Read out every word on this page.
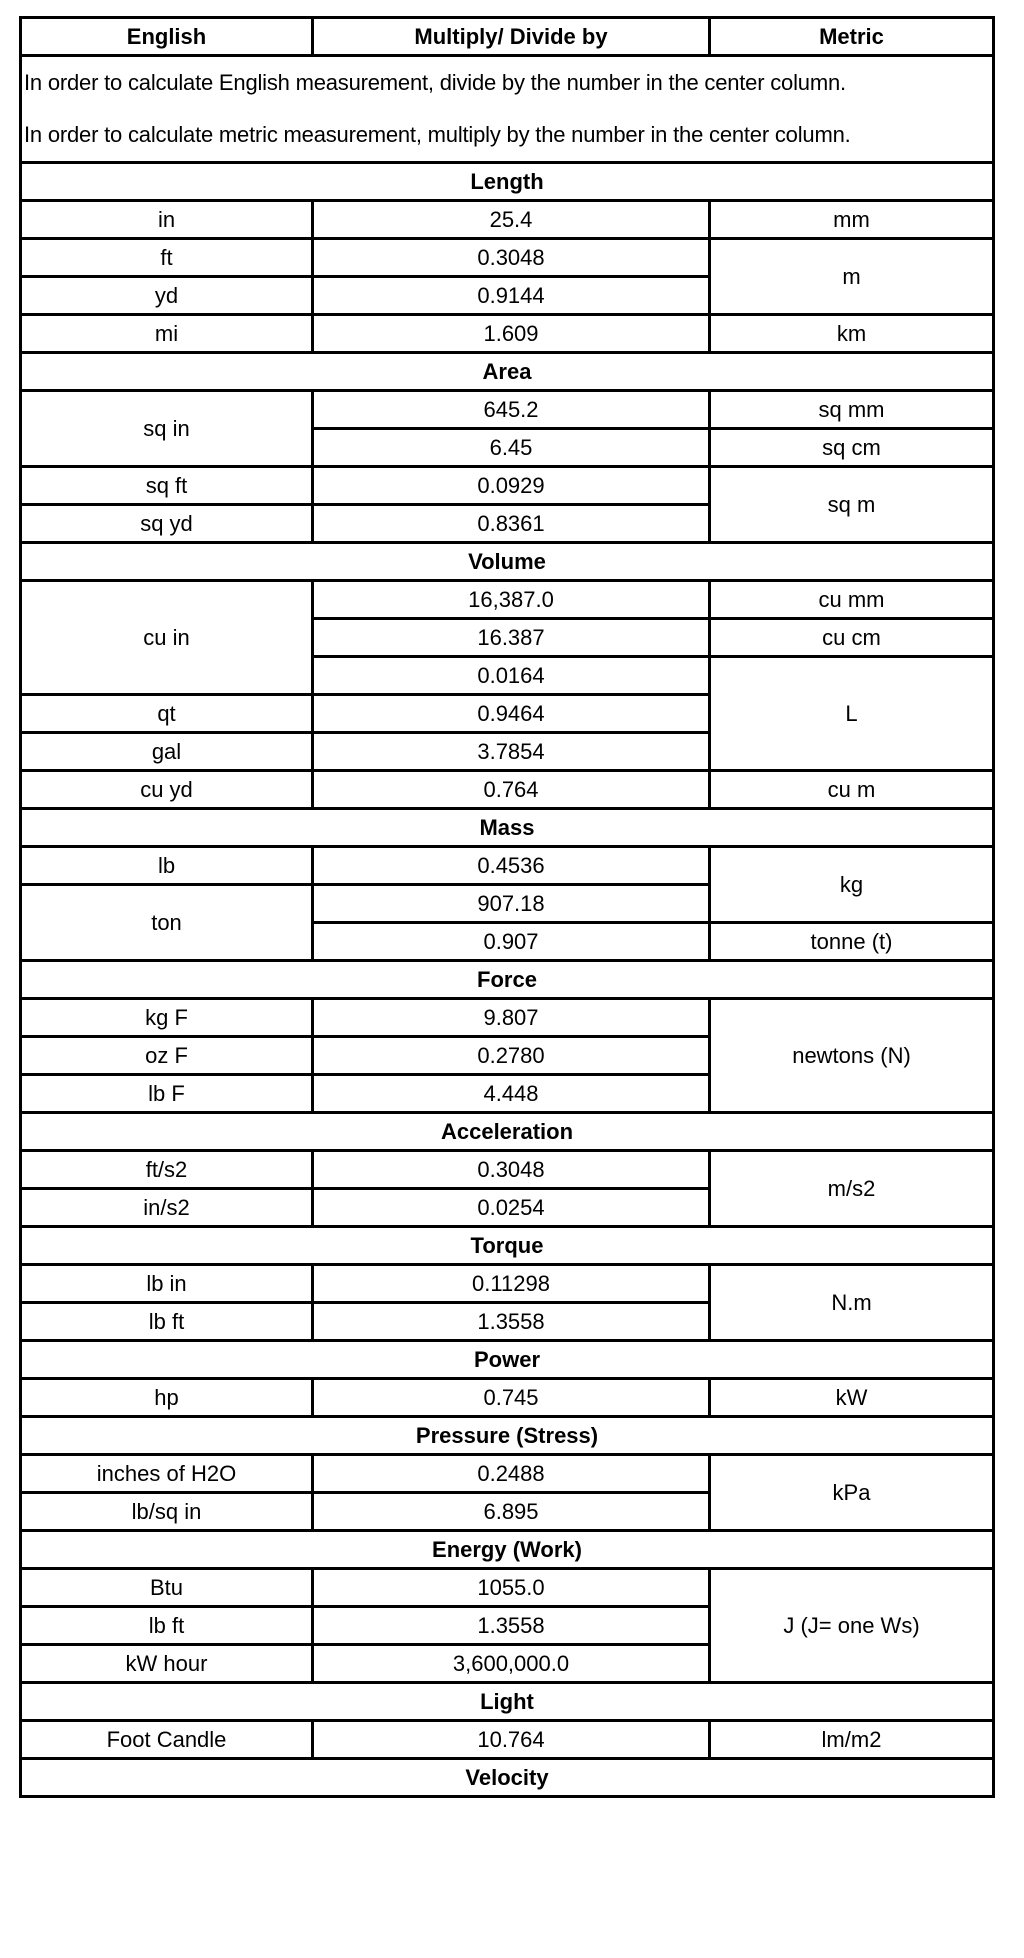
English	Multiply/ Divide by	Metric

In order to calculate English measurement, divide by the number in the center column.
In order to calculate metric measurement, multiply by the number in the center column.		

Length		
in	25.4	mm
ft	0.3048	m
yd	0.9144	
mi	1.609	km
Area		
sq in	645.2	sq mm
	6.45	sq cm
sq ft	0.0929	sq m
sq yd	0.8361	
Volume		
cu in	16,387.0	cu mm
	16.387	cu cm
	0.0164	L
qt	0.9464	
gal	3.7854	
cu yd	0.764	cu m
Mass		
lb	0.4536	kg
ton	907.18	
	0.907	tonne (t)
Force		
kg F	9.807	newtons (N)
oz F	0.2780	
lb F	4.448	
Acceleration		
ft/s2	0.3048	m/s2
in/s2	0.0254	
Torque		
lb in	0.11298	N.m
lb ft	1.3558	
Power		
hp	0.745	kW
Pressure (Stress)		
inches of H2O	0.2488	kPa
lb/sq in	6.895	
Energy (Work)		
Btu	1055.0	J (J= one Ws)
lb ft	1.3558	
kW hour	3,600,000.0	
Light		
Foot Candle	10.764	lm/m2
Velocity		
